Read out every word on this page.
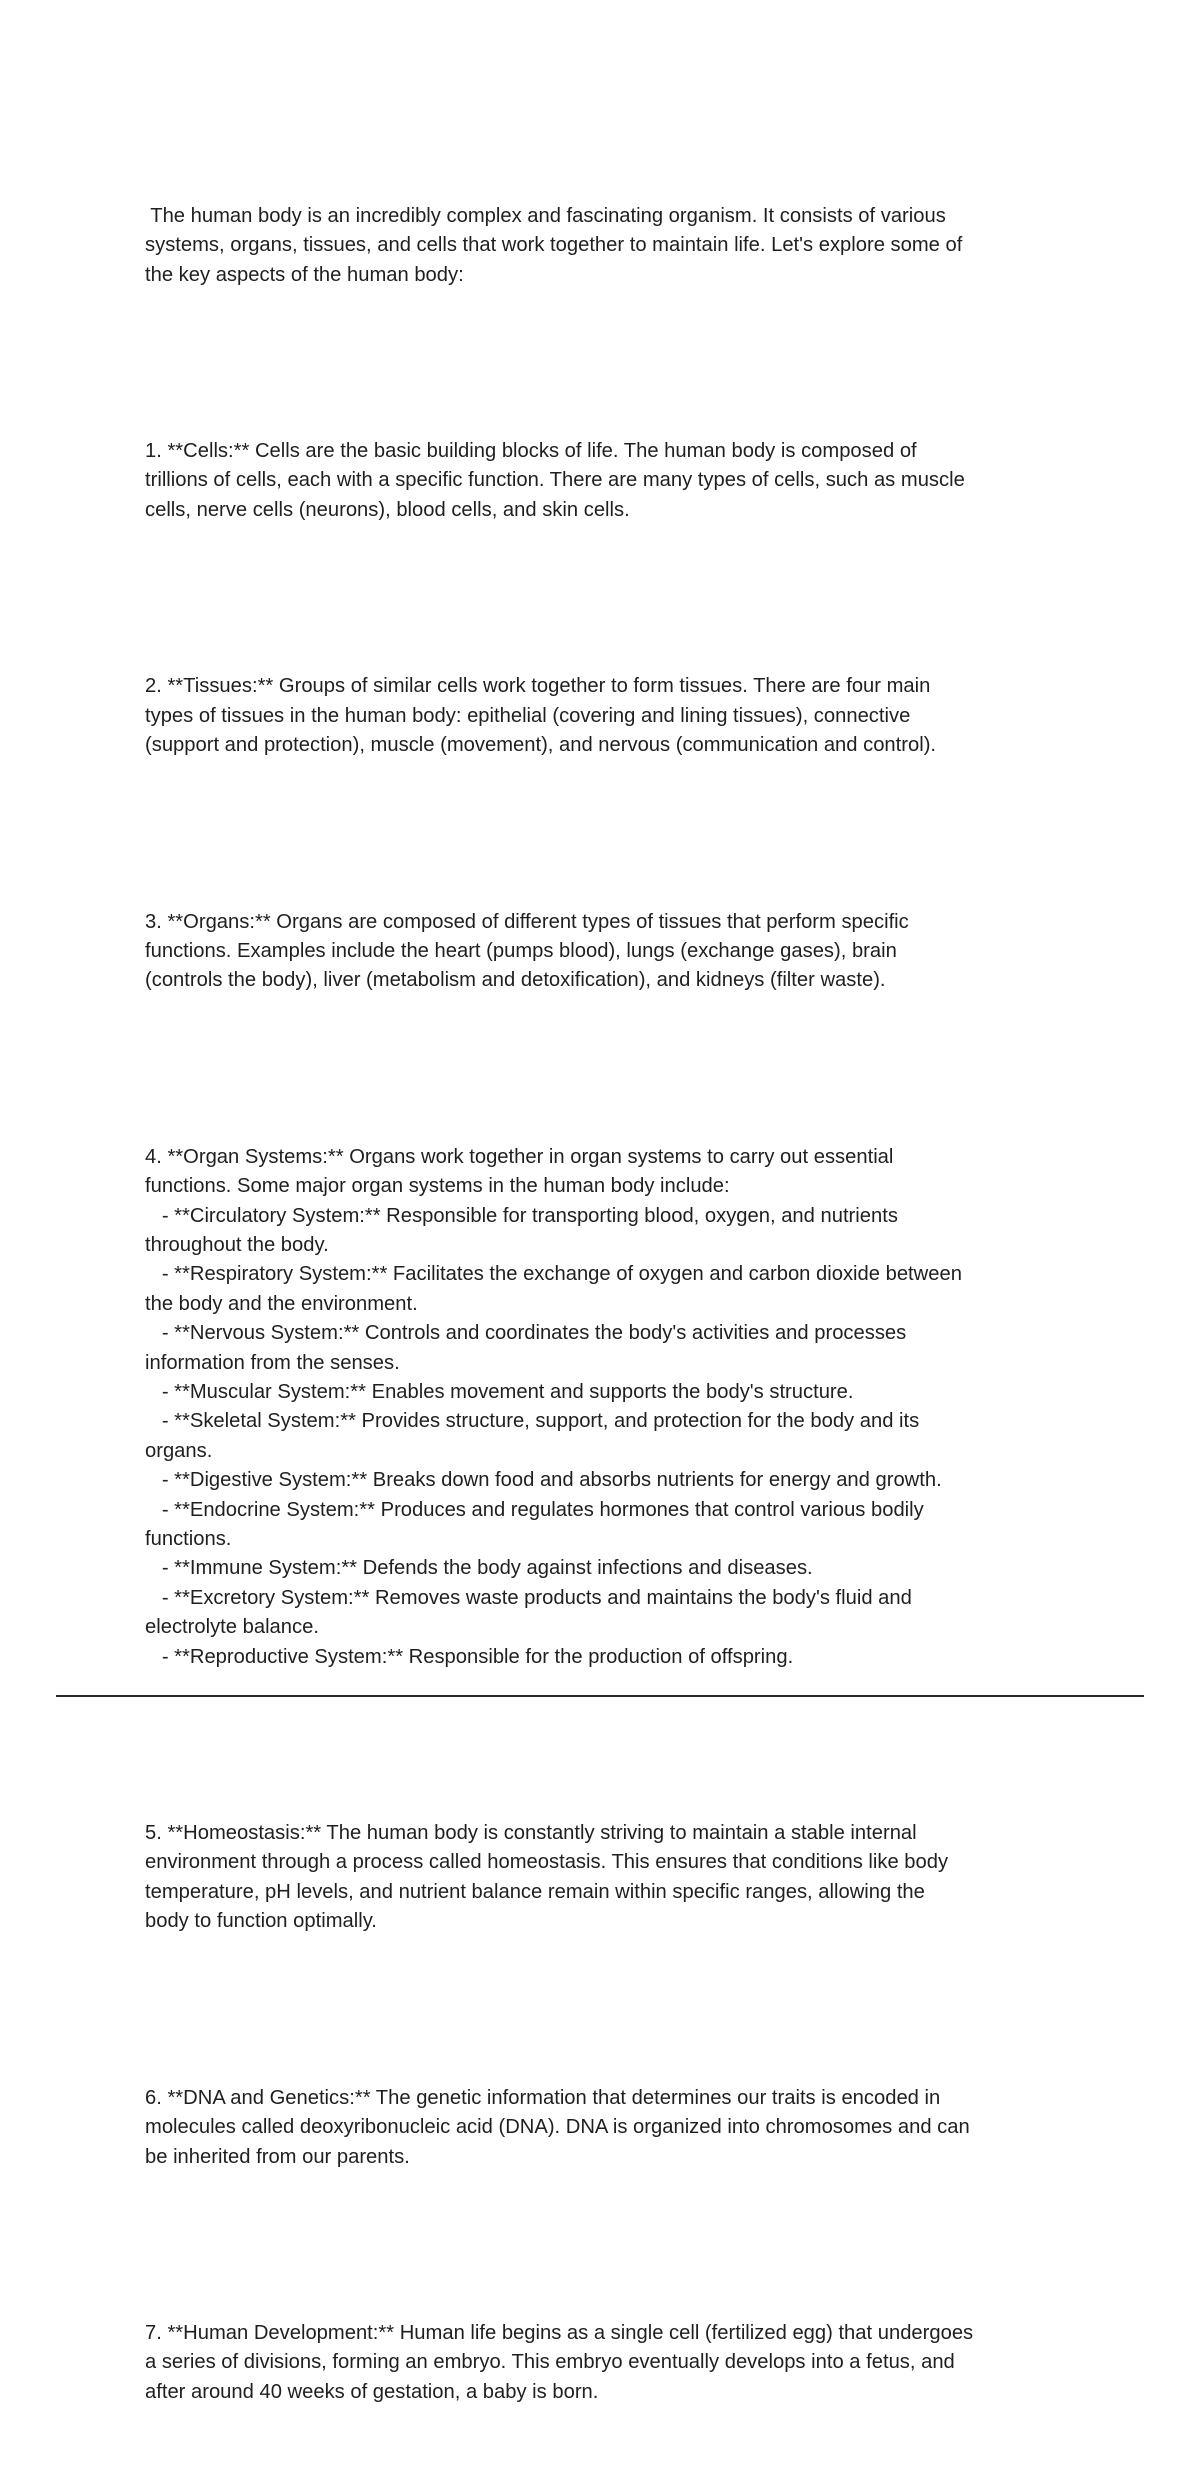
The human body is an incredibly complex and fascinating organism. It consists of various
systems, organs, tissues, and cells that work together to maintain life. Let's explore some of
the key aspects of the human body:

1. **Cells:** Cells are the basic building blocks of life. The human body is composed of
trillions of cells, each with a specific function. There are many types of cells, such as muscle
cells, nerve cells (neurons), blood cells, and skin cells.

2. **Tissues:** Groups of similar cells work together to form tissues. There are four main
types of tissues in the human body: epithelial (covering and lining tissues), connective
(support and protection), muscle (movement), and nervous (communication and control).

3. **Organs:** Organs are composed of different types of tissues that perform specific
functions. Examples include the heart (pumps blood), lungs (exchange gases), brain
(controls the body), liver (metabolism and detoxification), and kidneys (filter waste).

4. **Organ Systems:** Organs work together in organ systems to carry out essential
functions. Some major organ systems in the human body include:
- **Circulatory System:** Responsible for transporting blood, oxygen, and nutrients
throughout the body.
- **Respiratory System:** Facilitates the exchange of oxygen and carbon dioxide between
the body and the environment.
- **Nervous System:** Controls and coordinates the body's activities and processes
information from the senses.
- **Muscular System:** Enables movement and supports the body's structure.
- **Skeletal System:** Provides structure, support, and protection for the body and its
organs.
- **Digestive System:** Breaks down food and absorbs nutrients for energy and growth.
- **Endocrine System:** Produces and regulates hormones that control various bodily
functions.
- **Immune System:** Defends the body against infections and diseases.
- **Excretory System:** Removes waste products and maintains the body's fluid and
electrolyte balance.
- **Reproductive System:** Responsible for the production of offspring.

5. **Homeostasis:** The human body is constantly striving to maintain a stable internal
environment through a process called homeostasis. This ensures that conditions like body
temperature, pH levels, and nutrient balance remain within specific ranges, allowing the
body to function optimally.

6. **DNA and Genetics:** The genetic information that determines our traits is encoded in
molecules called deoxyribonucleic acid (DNA). DNA is organized into chromosomes and can
be inherited from our parents.

7. **Human Development:** Human life begins as a single cell (fertilized egg) that undergoes
a series of divisions, forming an embryo. This embryo eventually develops into a fetus, and
after around 40 weeks of gestation, a baby is born.
